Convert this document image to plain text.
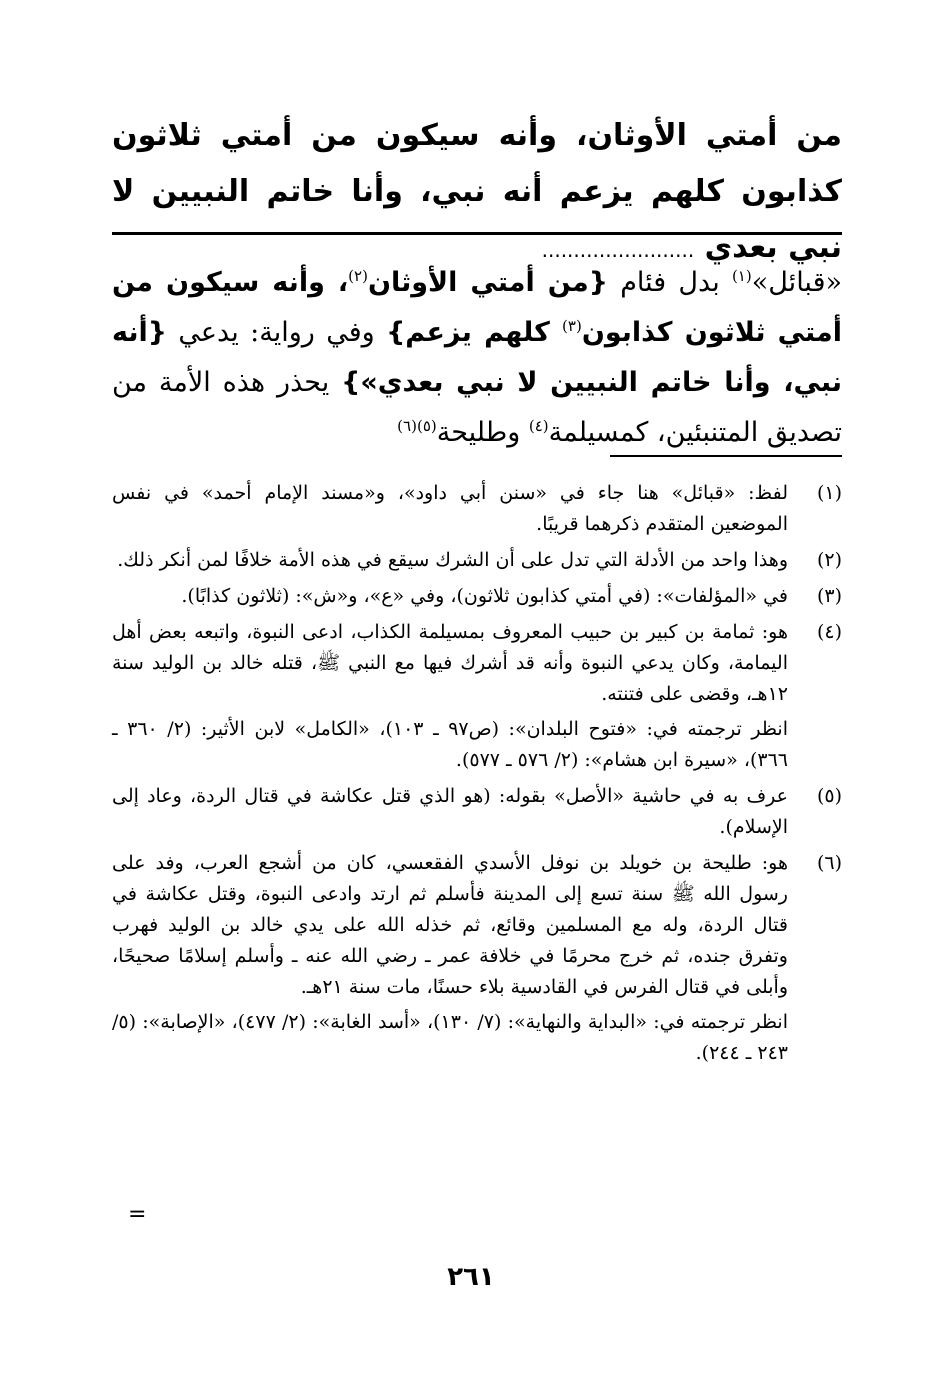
من أمتي الأوثان، وأنه سيكون من أمتي ثلاثون كذابون كلهم يزعم أنه نبي، وأنا خاتم النبيين لا نبي بعدي ........................
«قبائل»$^{(١)}$ بدل فئام {من أمتي الأوثان$^{(٢)}$، وأنه سيكون من أمتي ثلاثون كذابون$^{(٣)}$ كلهم يزعم} وفي رواية: يدعي {أنه نبي، وأنا خاتم النبيين لا نبي بعدي»} يحذر هذه الأمة من تصديق المتنبئين، كمسيلمة$^{(٤)}$ وطليحة$^{(٥)(٦)}$
(١)

لفظ: «قبائل» هنا جاء في «سنن أبي داود»، و«مسند الإمام أحمد» في نفس الموضعين المتقدم ذكرهما قريبًا.

(٢)

وهذا واحد من الأدلة التي تدل على أن الشرك سيقع في هذه الأمة خلافًا لمن أنكر ذلك.

(٣)

في «المؤلفات»: (في أمتي كذابون ثلاثون)، وفي «ع»، و«ش»: (ثلاثون كذابًا).

(٤)

هو: ثمامة بن كبير بن حبيب المعروف بمسيلمة الكذاب، ادعى النبوة، واتبعه بعض أهل اليمامة، وكان يدعي النبوة وأنه قد أشرك فيها مع النبي ﷺ، قتله خالد بن الوليد سنة ١٢هـ، وقضى على فتنته.

انظر ترجمته في: «فتوح البلدان»: (ص٩٧ ـ ١٠٣)، «الكامل» لابن الأثير: (٢/ ٣٦٠ ـ ٣٦٦)، «سيرة ابن هشام»: (٢/ ٥٧٦ ـ ٥٧٧).

(٥)

عرف به في حاشية «الأصل» بقوله: (هو الذي قتل عكاشة في قتال الردة، وعاد إلى الإسلام).

(٦)

هو: طليحة بن خويلد بن نوفل الأسدي الفقعسي، كان من أشجع العرب، وفد على رسول الله ﷺ سنة تسع إلى المدينة فأسلم ثم ارتد وادعى النبوة، وقتل عكاشة في قتال الردة، وله مع المسلمين وقائع، ثم خذله الله على يدي خالد بن الوليد فهرب وتفرق جنده، ثم خرج محرمًا في خلافة عمر ـ رضي الله عنه ـ وأسلم إسلامًا صحيحًا، وأبلى في قتال الفرس في القادسية بلاء حسنًا، مات سنة ٢١هـ.

انظر ترجمته في: «البداية والنهاية»: (٧/ ١٣٠)، «أسد الغابة»: (٢/ ٤٧٧)، «الإصابة»: (٥/ ٢٤٣ ـ ٢٤٤).

=
٢٦١
